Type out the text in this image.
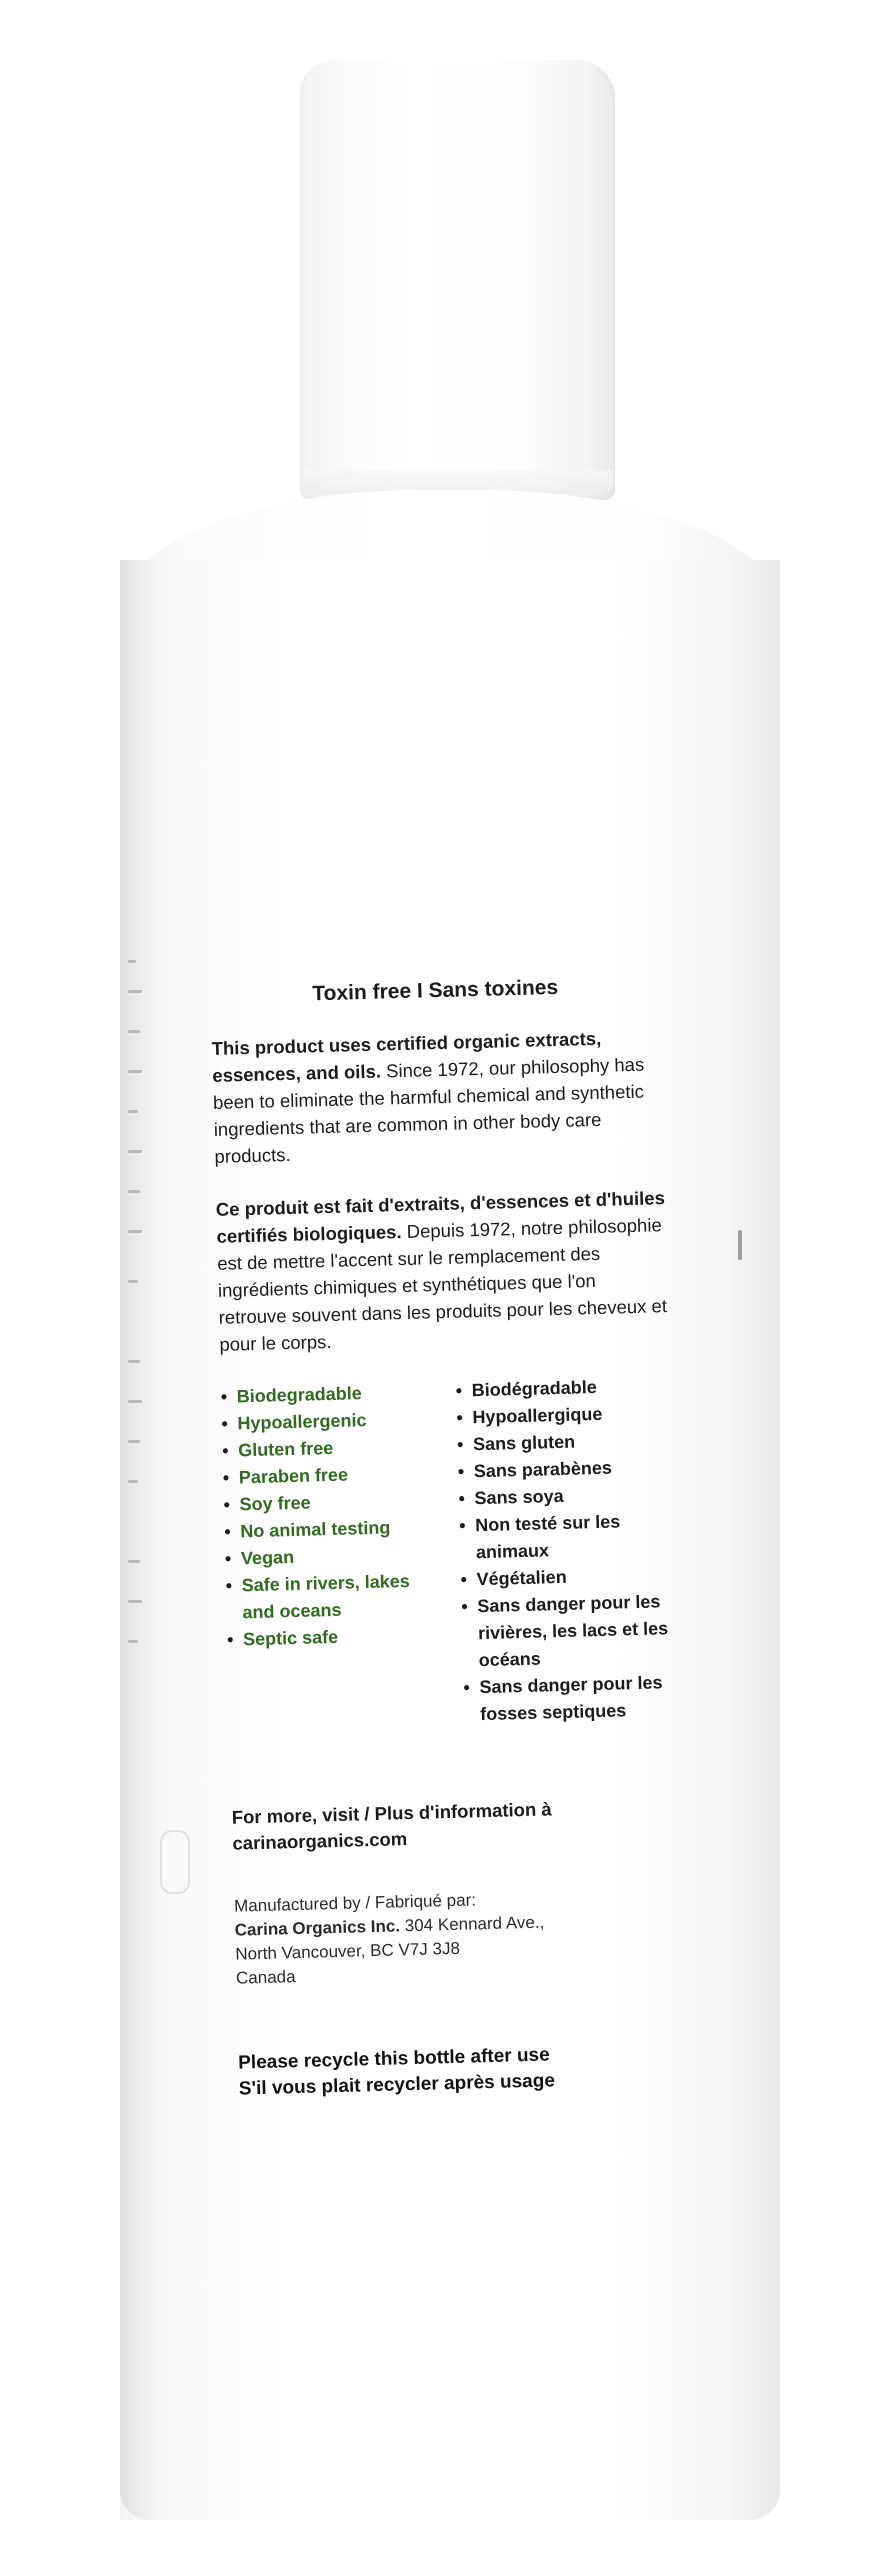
Toxin free I Sans toxines

This product uses certified organic extracts, essences, and oils. Since 1972, our philosophy has been to eliminate the harmful chemical and synthetic ingredients that are common in other body care products.

Ce produit est fait d'extraits, d'essences et d'huiles certifiés biologiques. Depuis 1972, notre philosophie est de mettre l'accent sur le remplacement des ingrédients chimiques et synthétiques que l'on retrouve souvent dans les produits pour les cheveux et pour le corps.

• Biodegradable
• Hypoallergenic
• Gluten free
• Paraben free
• Soy free
• No animal testing
• Vegan
• Safe in rivers, lakes and oceans
• Septic safe
• Biodégradable
• Hypoallergique
• Sans gluten
• Sans parabènes
• Sans soya
• Non testé sur les animaux
• Végétalien
• Sans danger pour les rivières, les lacs et les océans
• Sans danger pour les fosses septiques
For more, visit / Plus d'information à
carinaorganics.com
Manufactured by / Fabriqué par:
Carina Organics Inc. 304 Kennard Ave.,
North Vancouver, BC V7J 3J8
Canada
Please recycle this bottle after use
S'il vous plait recycler après usage
